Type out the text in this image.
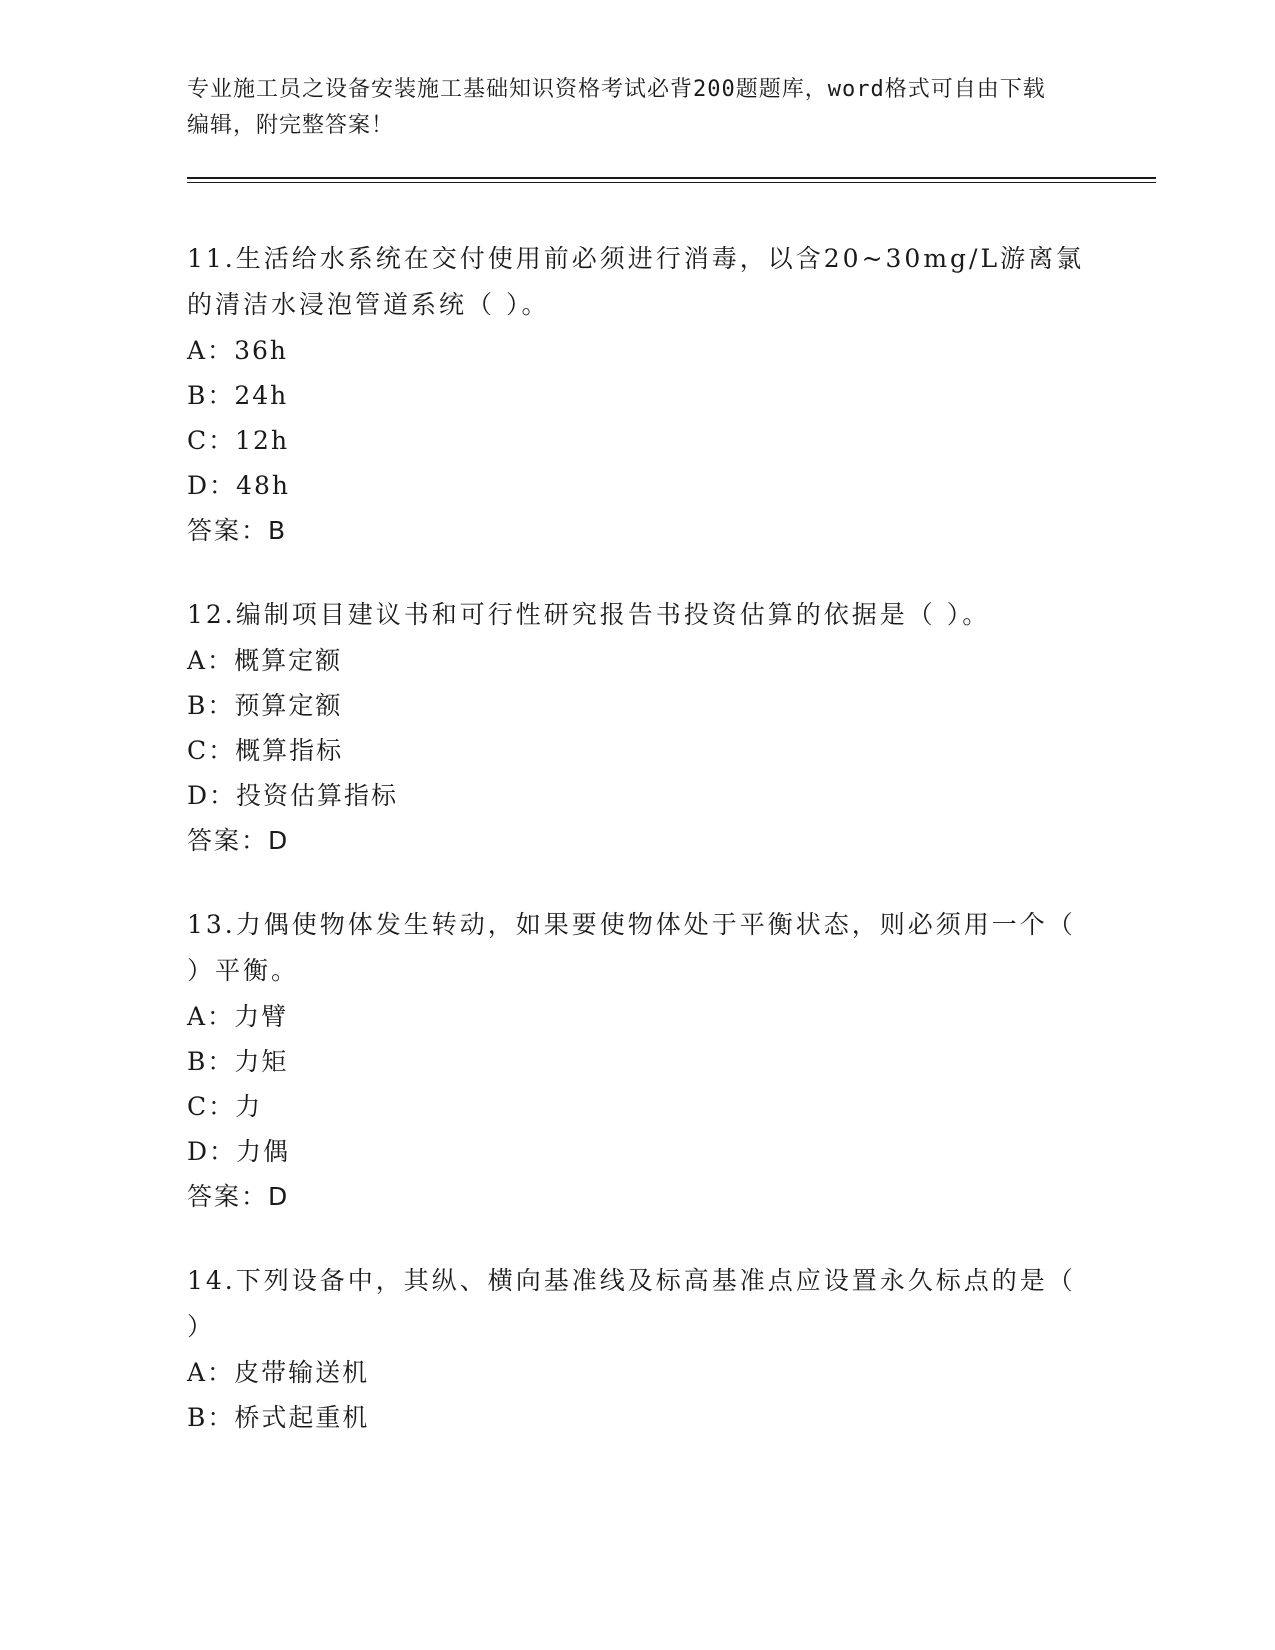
专业施工员之设备安装施工基础知识资格考试必背200题题库，word格式可自由下载编辑，附完整答案！

11.生活给水系统在交付使用前必须进行消毒，以含20~30mg/L游离氯的清洁水浸泡管道系统（ ）。

A：36h

B：24h

C：12h

D：48h

答案：B

12.编制项目建议书和可行性研究报告书投资估算的依据是（ ）。

A：概算定额

B：预算定额

C：概算指标

D：投资估算指标

答案：D

13.力偶使物体发生转动，如果要使物体处于平衡状态，则必须用一个（ ）平衡。

A：力臂

B：力矩

C：力

D：力偶

答案：D

14.下列设备中，其纵、横向基准线及标高基准点应设置永久标点的是（ ）

A：皮带输送机

B：桥式起重机
